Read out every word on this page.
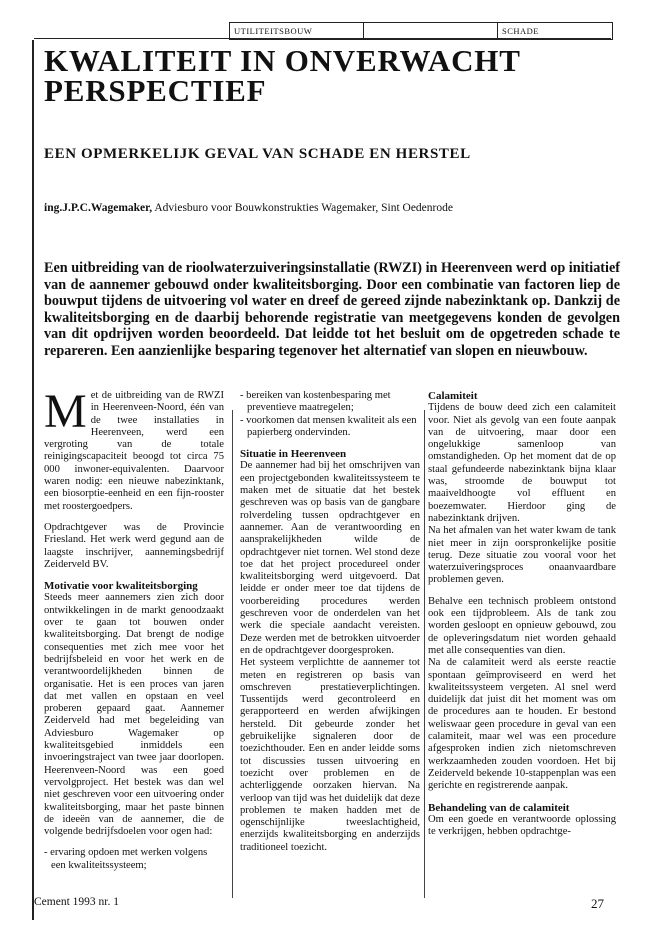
UTILITEITSBOUW	SCHADE
KWALITEIT IN ONVERWACHT
PERSPECTIEF
EEN OPMERKELIJK GEVAL VAN SCHADE EN HERSTEL
ing.J.P.C.Wagemaker, Adviesburo voor Bouwkonstrukties Wagemaker, Sint Oedenrode
Een uitbreiding van de rioolwaterzuiveringsinstallatie (RWZI) in Heerenveen werd op initiatief van de aannemer gebouwd onder kwaliteitsborging. Door een combinatie van factoren liep de bouwput tijdens de uitvoering vol water en dreef de gereed zijnde nabezinktank op. Dankzij de kwaliteitsborging en de daarbij behorende registratie van meetgegevens konden de gevolgen van dit opdrijven worden beoordeeld. Dat leidde tot het besluit om de opgetreden schade te repareren. Een aanzienlijke besparing tegenover het alternatief van slopen en nieuwbouw.

Met de uitbreiding van de RWZI in Heerenveen-Noord, één van de twee installaties in Heerenveen, werd een vergroting van de totale reinigingscapaciteit beoogd tot circa 75 000 inwoner-equivalenten. Daarvoor waren nodig: een nieuwe nabezinktank, een biosorptie-eenheid en een fijn-rooster met roostergoedpers.

Opdrachtgever was de Provincie Friesland. Het werk werd gegund aan de laagste inschrijver, aannemingsbedrijf Zeiderveld BV.

Motivatie voor kwaliteitsborging

Steeds meer aannemers zien zich door ontwikkelingen in de markt genoodzaakt over te gaan tot bouwen onder kwaliteitsborging. Dat brengt de nodige consequenties met zich mee voor het bedrijfsbeleid en voor het werk en de verantwoordelijkheden binnen de organisatie. Het is een proces van jaren dat met vallen en opstaan en veel proberen gepaard gaat. Aannemer Zeiderveld had met begeleiding van Adviesburo Wagemaker op kwaliteitsgebied inmiddels een invoeringstraject van twee jaar doorlopen. Heerenveen-Noord was een goed vervolgproject. Het bestek was dan wel niet geschreven voor een uitvoering onder kwaliteitsborging, maar het paste binnen de ideeën van de aannemer, die de volgende bedrijfsdoelen voor ogen had:

- ervaring opdoen met werken volgens een kwaliteitssysteem;
- bereiken van kostenbesparing met preventieve maatregelen;
- voorkomen dat mensen kwaliteit als een papierberg ondervinden.
Situatie in Heerenveen

De aannemer had bij het omschrijven van een projectgebonden kwaliteitssysteem te maken met de situatie dat het bestek geschreven was op basis van de gangbare rolverdeling tussen opdrachtgever en aannemer. Aan de verantwoording en aansprakelijkheden wilde de opdrachtgever niet tornen. Wel stond deze toe dat het project procedureel onder kwaliteitsborging werd uitgevoerd. Dat leidde er onder meer toe dat tijdens de voorbereiding procedures werden geschreven voor de onderdelen van het werk die speciale aandacht vereisten. Deze werden met de betrokken uitvoerder en de opdrachtgever doorgesproken.

Het systeem verplichtte de aannemer tot meten en registreren op basis van omschreven prestatieverplichtingen. Tussentijds werd gecontroleerd en gerapporteerd en werden afwijkingen hersteld. Dit gebeurde zonder het gebruikelijke signaleren door de toezichthouder. Een en ander leidde soms tot discussies tussen uitvoering en toezicht over problemen en de achterliggende oorzaken hiervan. Na verloop van tijd was het duidelijk dat deze problemen te maken hadden met de ogenschijnlijke tweeslachtigheid, enerzijds kwaliteitsborging en anderzijds traditioneel toezicht.

Calamiteit

Tijdens de bouw deed zich een calamiteit voor. Niet als gevolg van een foute aanpak van de uitvoering, maar door een ongelukkige samenloop van omstandigheden. Op het moment dat de op staal gefundeerde nabezinktank bijna klaar was, stroomde de bouwput tot maaiveldhoogte vol effluent en boezemwater. Hierdoor ging de nabezinktank drijven.

Na het afmalen van het water kwam de tank niet meer in zijn oorspronkelijke positie terug. Deze situatie zou vooral voor het waterzuiveringsproces onaanvaardbare problemen geven.

Behalve een technisch probleem ontstond ook een tijdprobleem. Als de tank zou worden gesloopt en opnieuw gebouwd, zou de opleveringsdatum niet worden gehaald met alle consequenties van dien.

Na de calamiteit werd als eerste reactie spontaan geïmproviseerd en werd het kwaliteitssysteem vergeten. Al snel werd duidelijk dat juist dit het moment was om de procedures aan te houden. Er bestond weliswaar geen procedure in geval van een calamiteit, maar wel was een procedure afgesproken indien zich nietomschreven werkzaamheden zouden voordoen. Het bij Zeiderveld bekende 10-stappenplan was een gerichte en registrerende aanpak.

Behandeling van de calamiteit

Om een goede en verantwoorde oplossing te verkrijgen, hebben opdrachtge-

Cement 1993 nr. 1	27
